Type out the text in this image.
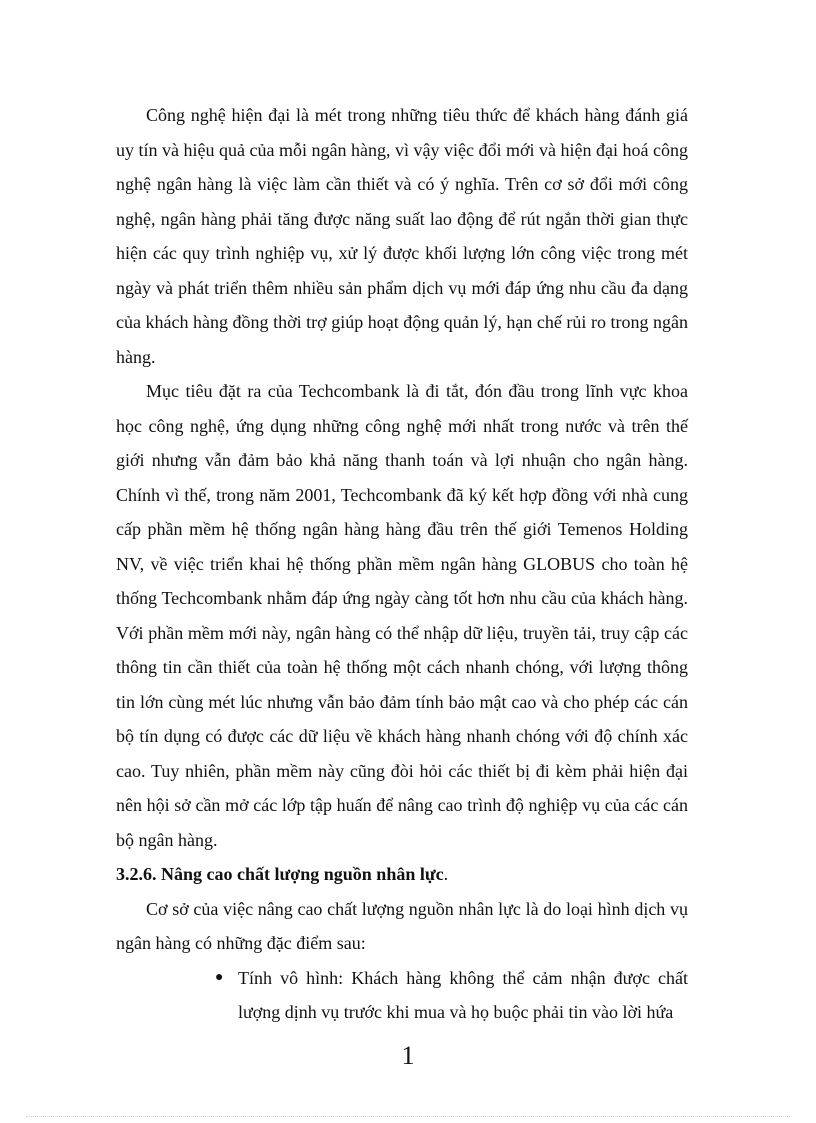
Công nghệ hiện đại là mét trong những tiêu thức để khách hàng đánh giá uy tín và hiệu quả của mỗi ngân hàng, vì vậy việc đổi mới và hiện đại hoá công nghệ ngân hàng là việc làm cần thiết và có ý nghĩa. Trên cơ sở đổi mới công nghệ, ngân hàng phải tăng được năng suất lao động để rút ngắn thời gian thực hiện các quy trình nghiệp vụ, xử lý được khối lượng lớn công việc trong mét ngày và phát triển thêm nhiều sản phẩm dịch vụ mới đáp ứng nhu cầu đa dạng của khách hàng đồng thời trợ giúp hoạt động quản lý, hạn chế rủi ro trong ngân hàng.

Mục tiêu đặt ra của Techcombank là đi tắt, đón đầu trong lĩnh vực khoa học công nghệ, ứng dụng những công nghệ mới nhất trong nước và trên thế giới nhưng vẫn đảm bảo khả năng thanh toán và lợi nhuận cho ngân hàng. Chính vì thế, trong năm 2001, Techcombank đã ký kết hợp đồng với nhà cung cấp phần mềm hệ thống ngân hàng hàng đầu trên thế giới Temenos Holding NV, về việc triển khai hệ thống phần mềm ngân hàng GLOBUS cho toàn hệ thống Techcombank nhằm đáp ứng ngày càng tốt hơn nhu cầu của khách hàng. Với phần mềm mới này, ngân hàng có thể nhập dữ liệu, truyền tải, truy cập các thông tin cần thiết của toàn hệ thống một cách nhanh chóng, với lượng thông tin lớn cùng mét lúc nhưng vẫn bảo đảm tính bảo mật cao và cho phép các cán bộ tín dụng có được các dữ liệu về khách hàng nhanh chóng với độ chính xác cao. Tuy nhiên, phần mềm này cũng đòi hỏi các thiết bị đi kèm phải hiện đại nên hội sở cần mở các lớp tập huấn để nâng cao trình độ nghiệp vụ của các cán bộ ngân hàng.

3.2.6. Nâng cao chất lượng nguồn nhân lực.

Cơ sở của việc nâng cao chất lượng nguồn nhân lực là do loại hình dịch vụ ngân hàng có những đặc điểm sau:

● Tính vô hình: Khách hàng không thể cảm nhận được chất lượng dịnh vụ trước khi mua và họ buộc phải tin vào lời hứa
1
